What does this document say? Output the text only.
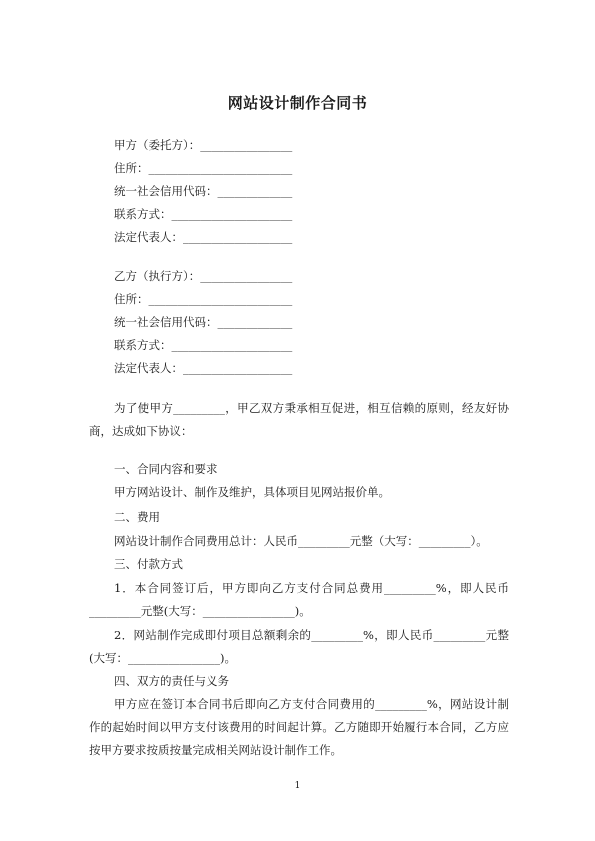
网站设计制作合同书
甲方（委托方）：________________
住所：_________________________
统一社会信用代码：_____________
联系方式：_____________________
法定代表人：___________________
乙方（执行方）：________________
住所：_________________________
统一社会信用代码：_____________
联系方式：_____________________
法定代表人：___________________
为了使甲方_________，甲乙双方秉承相互促进，相互信赖的原则，经友好协商，达成如下协议：
一、合同内容和要求
甲方网站设计、制作及维护，具体项目见网站报价单。
二、费用
网站设计制作合同费用总计：人民币_________元整（大写：_________）。
三、付款方式
1．本合同签订后，甲方即向乙方支付合同总费用_________%，即人民币_________元整(大写：________________)。
2．网站制作完成即付项目总额剩余的_________%，即人民币_________元整(大写：________________)。
四、双方的责任与义务
甲方应在签订本合同书后即向乙方支付合同费用的_________%，网站设计制作的起始时间以甲方支付该费用的时间起计算。乙方随即开始履行本合同，乙方应按甲方要求按质按量完成相关网站设计制作工作。
1
